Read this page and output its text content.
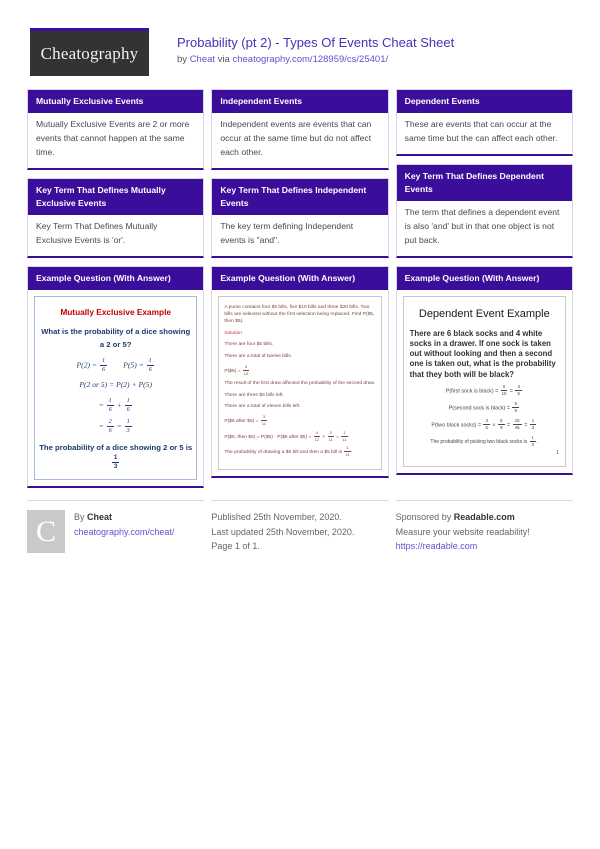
Cheatography
Probability (pt 2) - Types Of Events Cheat Sheet
by Cheat via cheatography.com/128959/cs/25401/
Mutually Exclusive Events
Mutually Exclusive Events are 2 or more events that cannot happen at the same time.
Key Term That Defines Mutually Exclusive Events
Key Term That Defines Mutually Exclusive Events is 'or'.
Example Question (With Answer)
Mutually Exclusive Example
What is the probability of a dice showing a 2 or 5?
$P(2) = \frac{1}{6} P(5) = \frac{1}{6}$
P(2 or 5) = P(2) + P(5)
= $\frac{1}{6} + \frac{1}{6}$
= $\frac{2}{6} = \frac{1}{3}$
The probability of a dice showing 2 or 5 is
$\frac{1}{3}$
Independent Events
Independent events are events that can occur at the same time but do not affect each other.
Key Term That Defines Independent Events
The key term defining Independent events is "and".
Example Question (With Answer)
A purse contains four $5 bills, five $10 bills and three $20 bills. Two bills are selected without the first selection being replaced. Find P($5, then $5).
Solution
There are four $5 bills.
There are a total of twelve bills.
P($5) = $\frac{4}{12}$
The result of the first draw affected the probability of the second draw.
There are three $5 bills left.
There are a total of eleven bills left.
P($5 after $5) = $\frac{3}{11}$
P($5, then $5) = P($5) · P($5 after $5) = $\frac{4}{12} \times \frac{3}{11} = \frac{1}{11}$
The probability of drawing a $5 bill and then a $5 bill is $\frac{1}{11}$
Dependent Events
These are events that can occur at the same time but the can affect each other.
Key Term That Defines Dependent Events
The term that defines a dependent event is also 'and' but in that one object is not put back.
Example Question (With Answer)
Dependent Event Example
There are 6 black socks and 4 white socks in a drawer. If one sock is taken out without looking and then a second one is taken out, what is the probability that they both will be black?
P(first sock is black) = $\frac{6}{10} = \frac{3}{5}$
P(second sock is black) = $\frac{5}{9}$
P(two black socks) = $\frac{3}{5} \times \frac{5}{9} = \frac{15}{45} = \frac{1}{3}$
The probability of picking two black socks is $\frac{1}{3}$ .
1
C By Cheat
cheatography.com/cheat/
Published 25th November, 2020.
Last updated 25th November, 2020.
Page 1 of 1.
Sponsored by Readable.com
Measure your website readability!
https://readable.com
